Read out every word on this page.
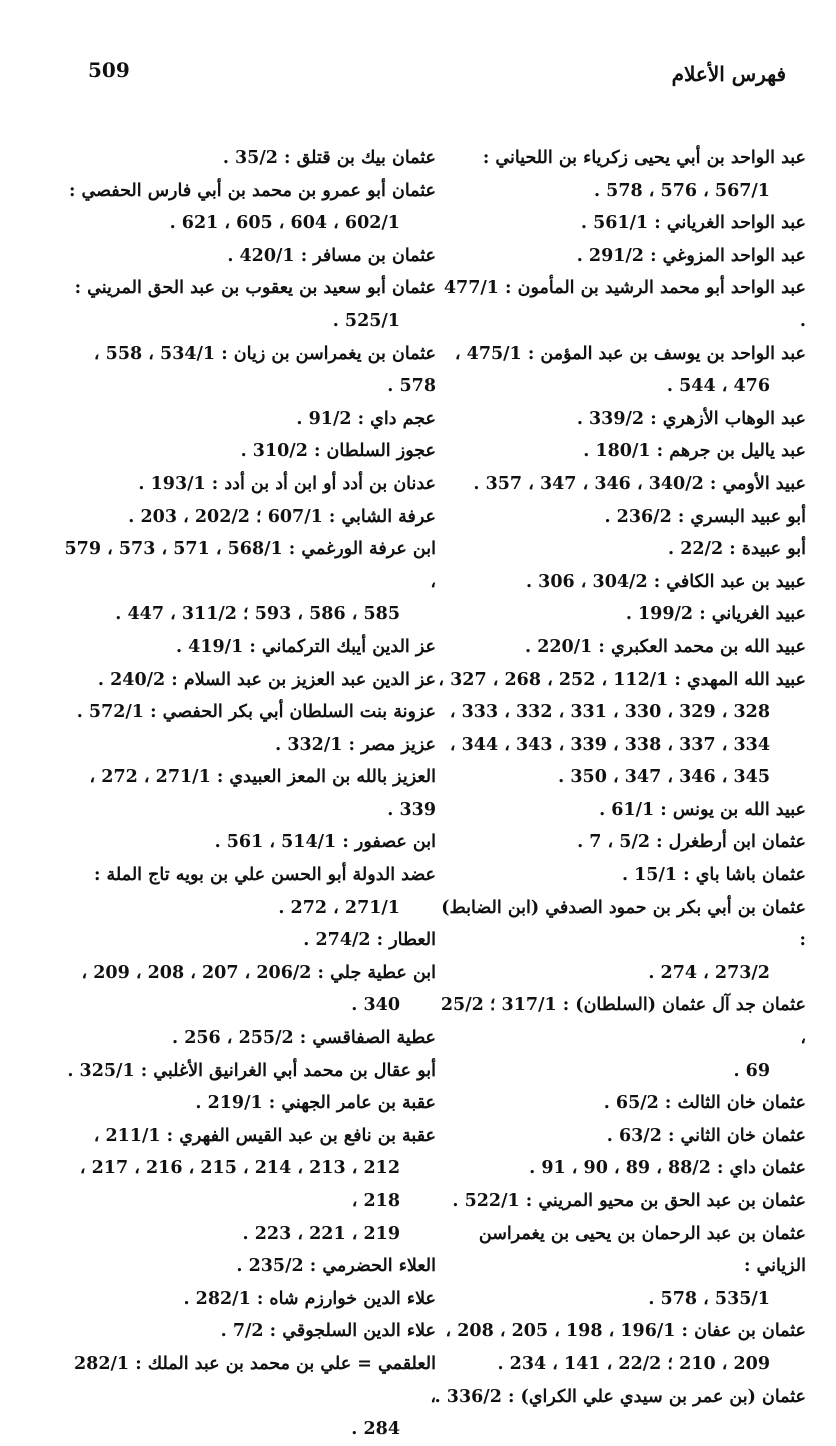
509	فهرس الأعلام
عبد الواحد بن أبي يحيى زكرياء بن اللحياني :
567/1 ، 576 ، 578 .
عبد الواحد الغرياني : 561/1 .
عبد الواحد المزوغي : 291/2 .
عبد الواحد أبو محمد الرشيد بن المأمون : 477/1 .
عبد الواحد بن يوسف بن عبد المؤمن : 475/1 ،
476 ، 544 .
عبد الوهاب الأزهري : 339/2 .
عبد ياليل بن جرهم : 180/1 .
عبيد الأومي : 340/2 ، 346 ، 347 ، 357 .
أبو عبيد البسري : 236/2 .
أبو عبيدة : 22/2 .
عبيد بن عبد الكافي : 304/2 ، 306 .
عبيد الغرياني : 199/2 .
عبيد الله بن محمد العكبري : 220/1 .
عبيد الله المهدي : 112/1 ، 252 ، 268 ، 327 ،
328 ، 329 ، 330 ، 331 ، 332 ، 333 ،
334 ، 337 ، 338 ، 339 ، 343 ، 344 ،
345 ، 346 ، 347 ، 350 .
عبيد الله بن يونس : 61/1 .
عثمان ابن أرطغرل : 5/2 ، 7 .
عثمان باشا باي : 15/1 .
عثمان بن أبي بكر بن حمود الصدفي (ابن الضابط) :
273/2 ، 274 .
عثمان جد آل عثمان (السلطان) : 317/1 ؛ 25/2 ،
69 .
عثمان خان الثالث : 65/2 .
عثمان خان الثاني : 63/2 .
عثمان داي : 88/2 ، 89 ، 90 ، 91 .
عثمان بن عبد الحق بن محيو المريني : 522/1 .
عثمان بن عبد الرحمان بن يحيى بن يغمراسن الزياني :
535/1 ، 578 .
عثمان بن عفان : 196/1 ، 198 ، 205 ، 208 ،
209 ، 210 ؛ 22/2 ، 141 ، 234 .
عثمان (بن عمر بن سيدي علي الكراي) : 336/2 .
عثمان بيك بن قتلق : 35/2 .
عثمان أبو عمرو بن محمد بن أبي فارس الحفصي :
602/1 ، 604 ، 605 ، 621 .
عثمان بن مسافر : 420/1 .
عثمان أبو سعيد بن يعقوب بن عبد الحق المريني :
525/1 .
عثمان بن يغمراسن بن زيان : 534/1 ، 558 ، 578 .
عجم داي : 91/2 .
عجوز السلطان : 310/2 .
عدنان بن أدد أو ابن أد بن أدد : 193/1 .
عرفة الشابي : 607/1 ؛ 202/2 ، 203 .
ابن عرفة الورغمي : 568/1 ، 571 ، 573 ، 579 ،
585 ، 586 ، 593 ؛ 311/2 ، 447 .
عز الدين أيبك التركماني : 419/1 .
عز الدين عبد العزيز بن عبد السلام : 240/2 .
عزونة بنت السلطان أبي بكر الحفصي : 572/1 .
عزيز مصر : 332/1 .
العزيز بالله بن المعز العبيدي : 271/1 ، 272 ، 339 .
ابن عصفور : 514/1 ، 561 .
عضد الدولة أبو الحسن علي بن بويه تاج الملة :
271/1 ، 272 .
العطار : 274/2 .
ابن عطية جلي : 206/2 ، 207 ، 208 ، 209 ،
340 .
عطية الصفاقسي : 255/2 ، 256 .
أبو عقال بن محمد أبي الغرانيق الأغلبي : 325/1 .
عقبة بن عامر الجهني : 219/1 .
عقبة بن نافع بن عبد القيس الفهري : 211/1 ،
212 ، 213 ، 214 ، 215 ، 216 ، 217 ، 218 ،
219 ، 221 ، 223 .
العلاء الحضرمي : 235/2 .
علاء الدين خوارزم شاه : 282/1 .
علاء الدين السلجوقي : 7/2 .
العلقمي = علي بن محمد بن عبد الملك : 282/1 ،
284 .
